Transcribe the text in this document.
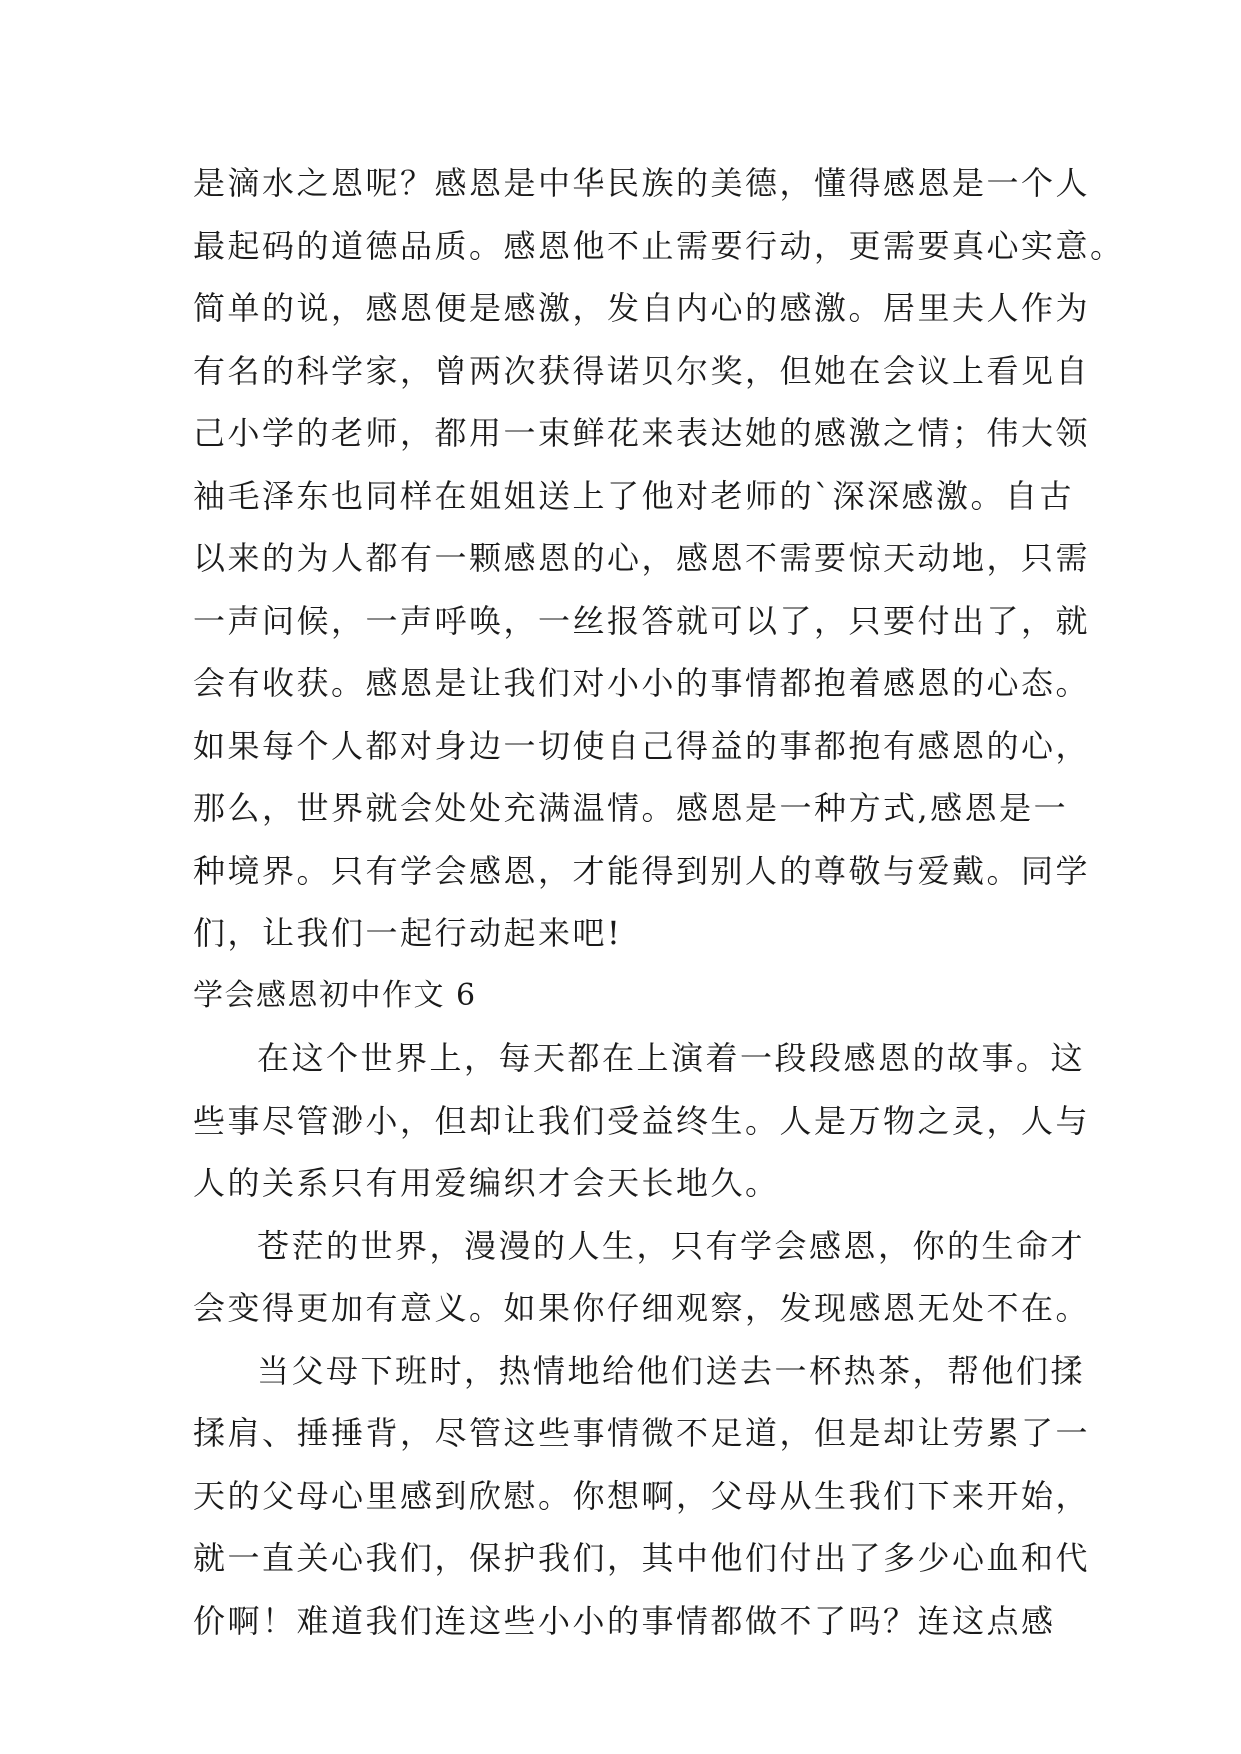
是滴水之恩呢？感恩是中华民族的美德，懂得感恩是一个人
最起码的道德品质。感恩他不止需要行动，更需要真心实意。
简单的说，感恩便是感激，发自内心的感激。居里夫人作为
有名的科学家，曾两次获得诺贝尔奖，但她在会议上看见自
己小学的老师，都用一束鲜花来表达她的感激之情；伟大领
袖毛泽东也同样在姐姐送上了他对老师的`深深感激。自古
以来的为人都有一颗感恩的心，感恩不需要惊天动地，只需
一声问候，一声呼唤，一丝报答就可以了，只要付出了，就
会有收获。感恩是让我们对小小的事情都抱着感恩的心态。
如果每个人都对身边一切使自己得益的事都抱有感恩的心，
那么，世界就会处处充满温情。感恩是一种方式,感恩是一
种境界。只有学会感恩，才能得到别人的尊敬与爱戴。同学
们，让我们一起行动起来吧!
学会感恩初中作文 6
在这个世界上，每天都在上演着一段段感恩的故事。这
些事尽管渺小，但却让我们受益终生。人是万物之灵，人与
人的关系只有用爱编织才会天长地久。
苍茫的世界，漫漫的人生，只有学会感恩，你的生命才
会变得更加有意义。如果你仔细观察，发现感恩无处不在。
当父母下班时，热情地给他们送去一杯热茶，帮他们揉
揉肩、捶捶背，尽管这些事情微不足道，但是却让劳累了一
天的父母心里感到欣慰。你想啊，父母从生我们下来开始，
就一直关心我们，保护我们，其中他们付出了多少心血和代
价啊！难道我们连这些小小的事情都做不了吗？连这点感
